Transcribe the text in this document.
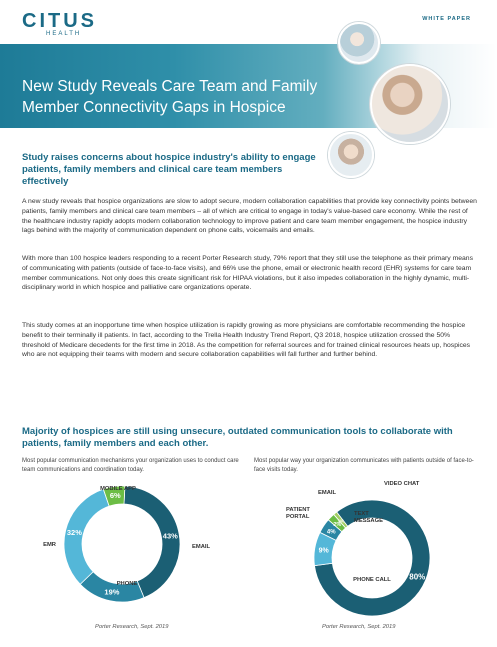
CITUS
HEALTH
WHITE PAPER
New Study Reveals Care Team and Family Member Connectivity Gaps in Hospice
Study raises concerns about hospice industry's ability to engage patients, family members and clinical care team members effectively

A new study reveals that hospice organizations are slow to adopt secure, modern collaboration capabilities that provide key connectivity points between patients, family members and clinical care team members – all of which are critical to engage in today's value-based care economy. While the rest of the healthcare industry rapidly adopts modern collaboration technology to improve patient and care team member engagement, the hospice industry lags behind with the majority of communication dependent on phone calls, voicemails and emails.

With more than 100 hospice leaders responding to a recent Porter Research study, 79% report that they still use the telephone as their primary means of communicating with patients (outside of face-to-face visits), and 66% use the phone, email or electronic health record (EHR) systems for care team member communications. Not only does this create significant risk for HIPAA violations, but it also impedes collaboration in the highly dynamic, multi-disciplinary world in which hospice and palliative care organizations operate.

This study comes at an inopportune time when hospice utilization is rapidly growing as more physicians are comfortable recommending the hospice benefit to their terminally ill patients. In fact, according to the Trella Health Industry Trend Report, Q3 2018, hospice utilization crossed the 50% threshold of Medicare decedents for the first time in 2018. As the competition for referral sources and for trained clinical resources heats up, hospices who are not equipping their teams with modern and secure collaboration capabilities will fall further and further behind.

Majority of hospices are still using unsecure, outdated communication tools to collaborate with patients, family members and each other.
Most popular communication mechanisms your organization uses to conduct care team communications and coordination today.
Most popular way your organization communicates with patients outside of face-to-face visits today.
43%
EMAIL
19%
PHONE
32%
EMR
6%
MOBILE APP
80%
PHONE CALL
9%
PATIENT
PORTAL
4%
EMAIL
2%
TEXT
MESSAGE
1%
VIDEO CHAT
Porter Research, Sept. 2019	Porter Research, Sept. 2019
